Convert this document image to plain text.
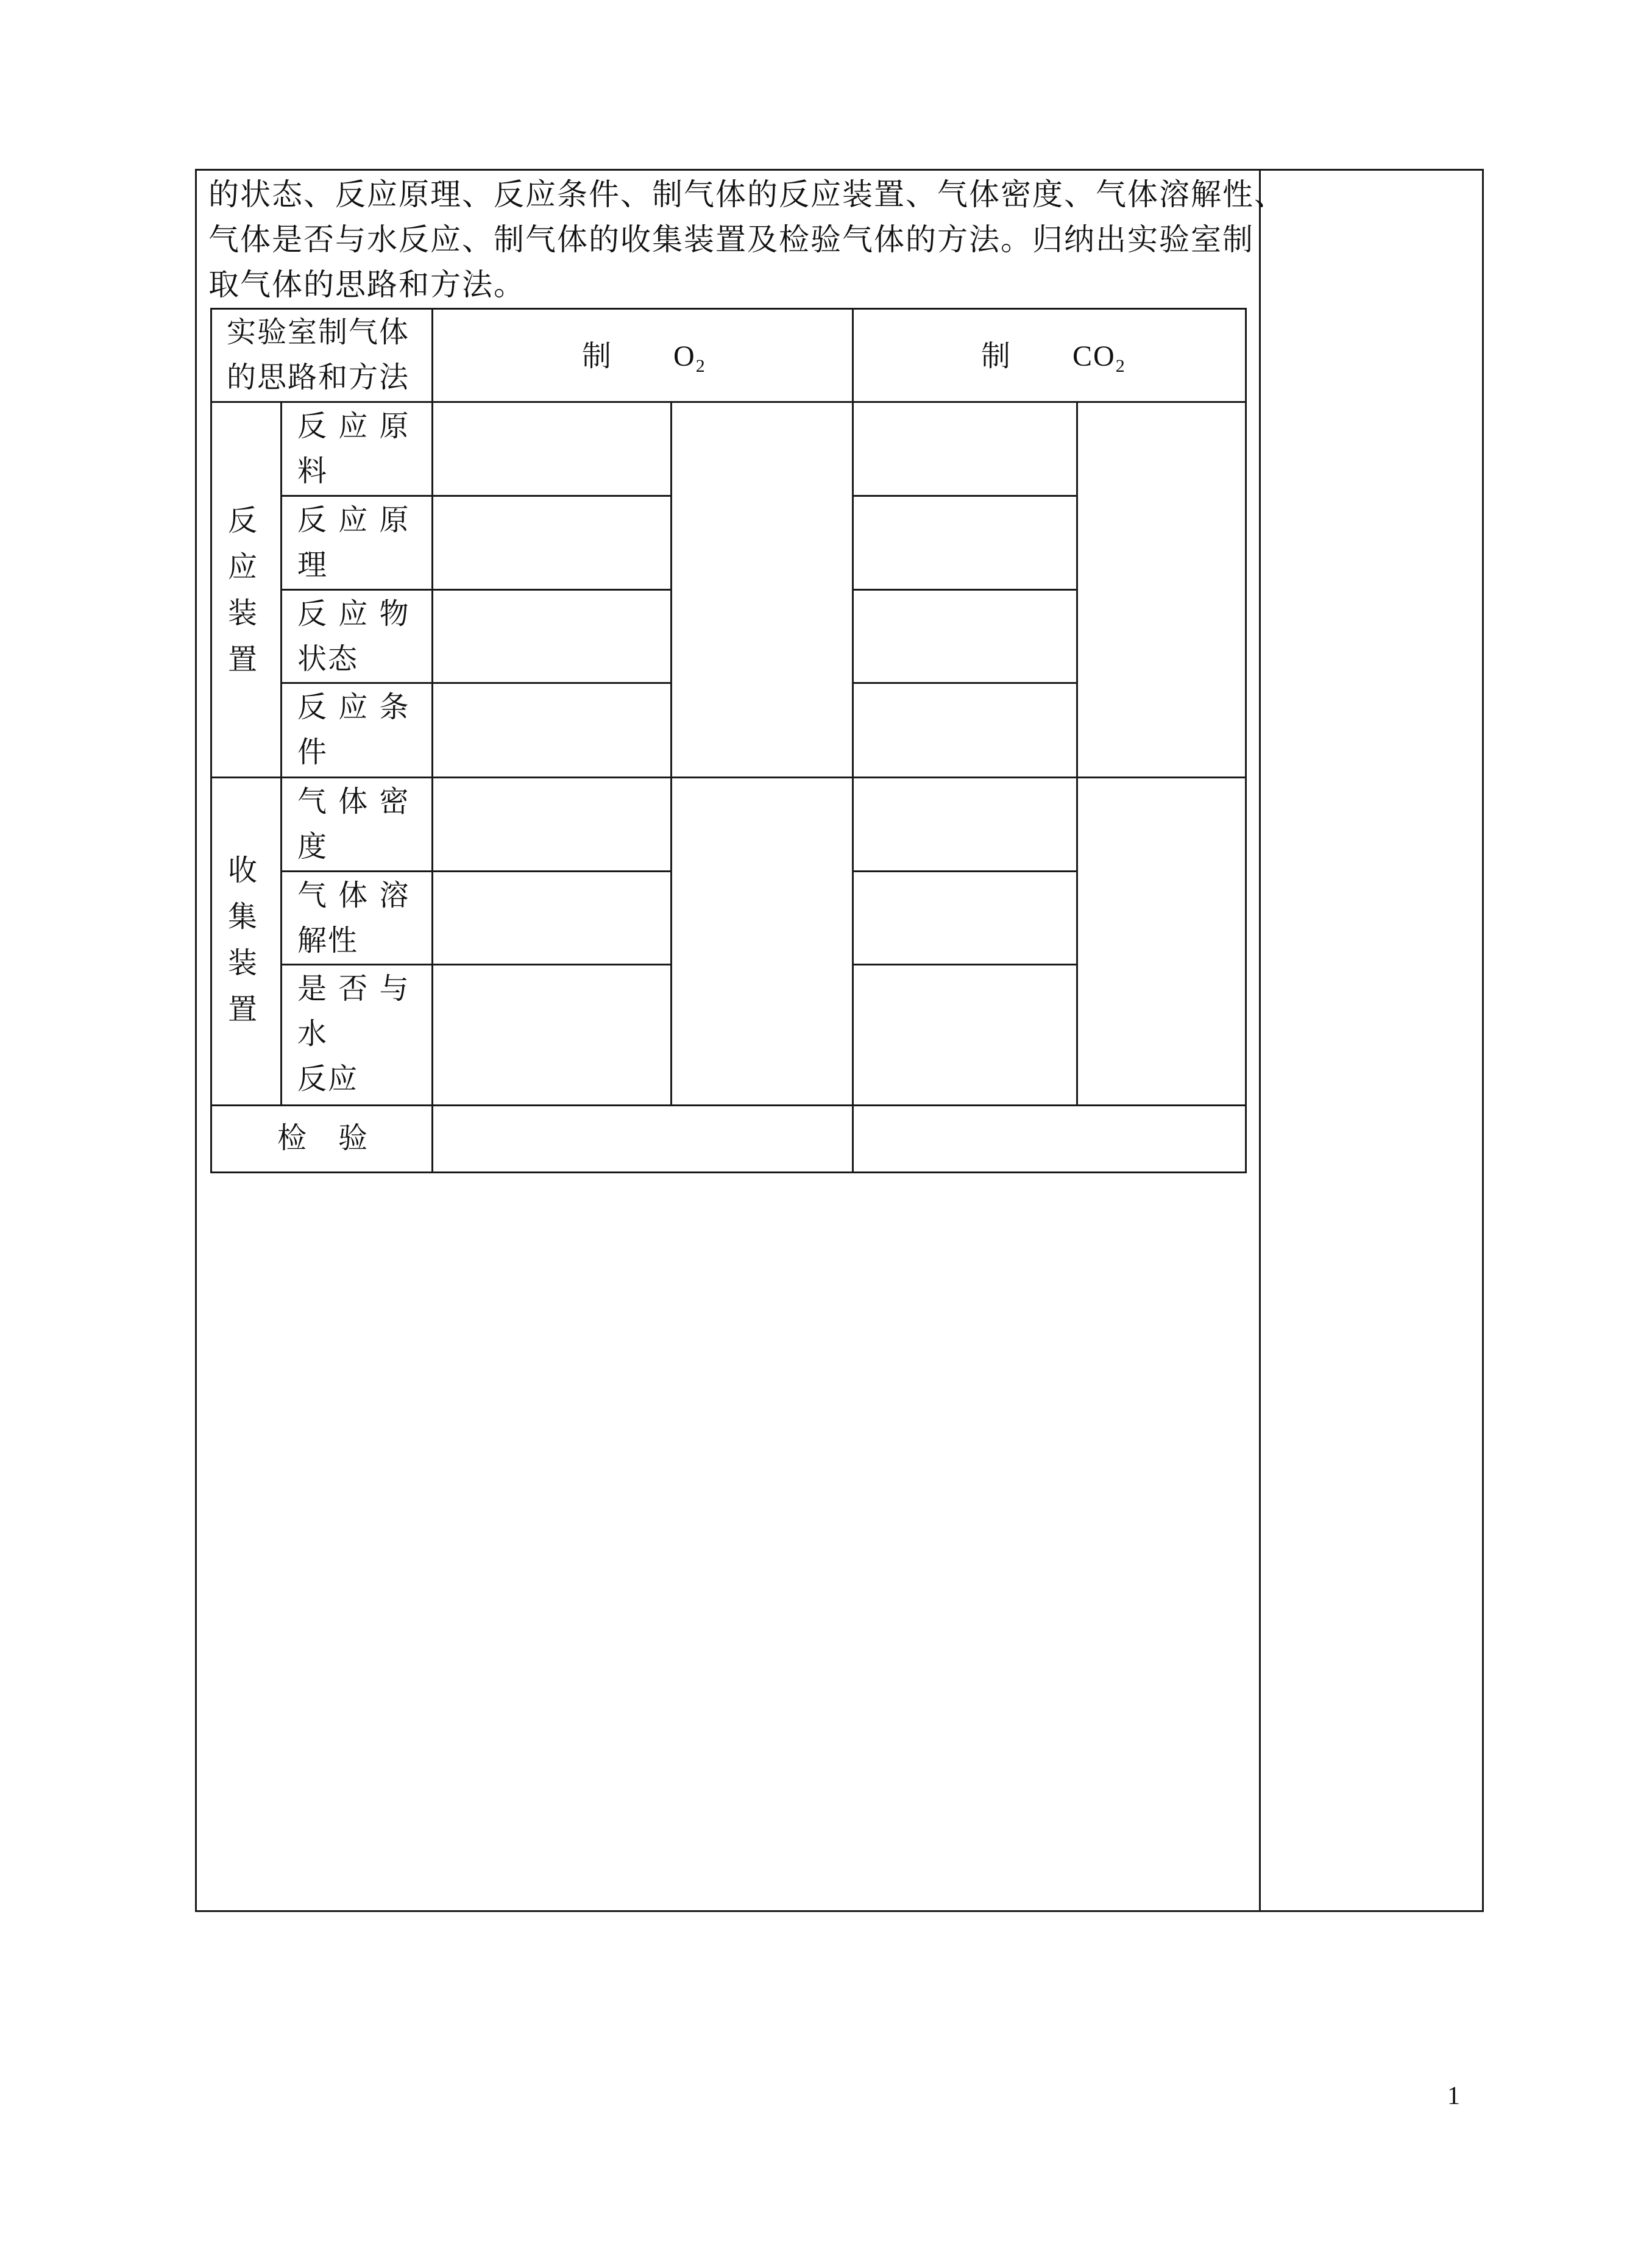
的状态、反应原理、反应条件、制气体的反应装置、气体密度、气体溶解性、
气体是否与水反应、制气体的收集装置及检验气体的方法。归纳出实验室制
取气体的思路和方法。
实验室制气体
的思路和方法
制 $O_2$	制 $CO_2$
反
应
装
置
反 应 原
料
反 应 原
理
反 应 物
状态
反 应 条
件
收
集
装
置
气 体 密
度
气 体 溶
解性
是 否 与
水
反应
检　验
1
